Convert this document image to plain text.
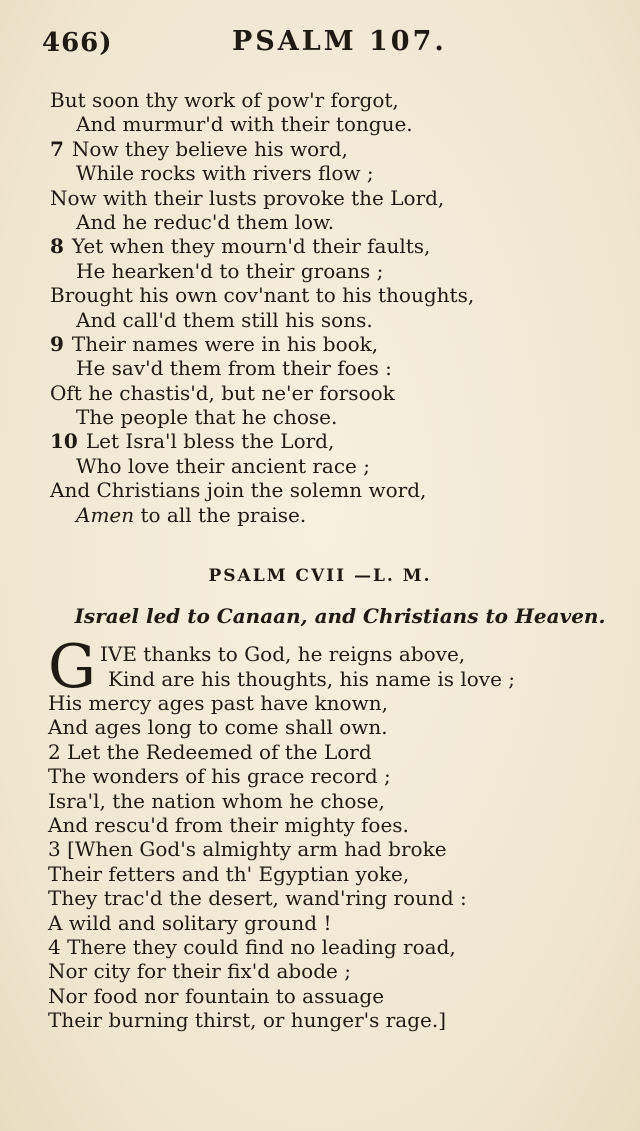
466)	PSALM 107.
But soon thy work of pow'r forgot,
And murmur'd with their tongue.
7 Now they believe his word,
While rocks with rivers flow ;
Now with their lusts provoke the Lord,
And he reduc'd them low.
8 Yet when they mourn'd their faults,
He hearken'd to their groans ;
Brought his own cov'nant to his thoughts,
And call'd them still his sons.
9 Their names were in his book,
He sav'd them from their foes :
Oft he chastis'd, but ne'er forsook
The people that he chose.
10 Let Isra'l bless the Lord,
Who love their ancient race ;
And Christians join the solemn word,
Amen to all the praise.
PSALM CVII —L. M.
Israel led to Canaan, and Christians to Heaven.
G IVE thanks to God, he reigns above,
Kind are his thoughts, his name is love ;
His mercy ages past have known,
And ages long to come shall own.
2 Let the Redeemed of the Lord
The wonders of his grace record ;
Isra'l, the nation whom he chose,
And rescu'd from their mighty foes.
3 [When God's almighty arm had broke
Their fetters and th' Egyptian yoke,
They trac'd the desert, wand'ring round :
A wild and solitary ground !
4 There they could find no leading road,
Nor city for their fix'd abode ;
Nor food nor fountain to assuage
Their burning thirst, or hunger's rage.]
